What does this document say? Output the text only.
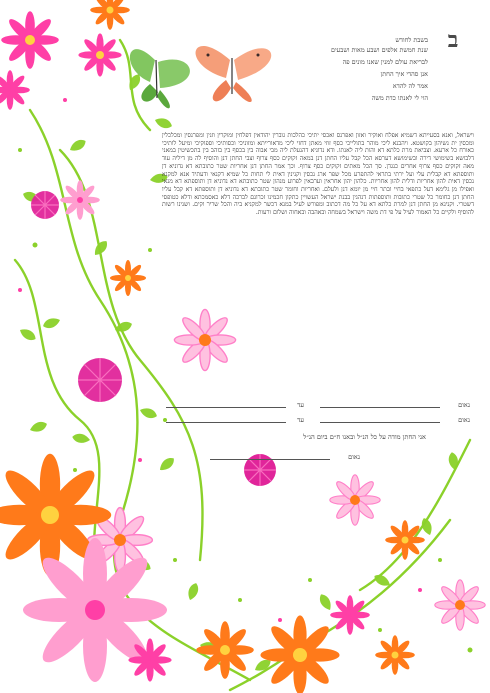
ב
בשבת לחודש
שנת חמשת אלפים ושבע מאות ושבעים
לבריאת עולם למנין שאנו מונים פה
אנן סהדי איך החתן
אמר לה להדא
הוי לי לאנתו כדת משה
וישראל, ואנא בסעייתא דשמיא אפלח ואוקיר ואזון ואפרנס ואכסי יתיכי כהלכות גוברין יהודאין דפלחין ומוקרין וזנין ומפרנסין ומכלכלין ומכסין ית נשיהון בקושטא. ויהבנא ליכי מוהר בתולייכי כסף זוזי מאתן דחזי ליכי מדאורייתא ומזוניכי וכסותיכי וספוקיכי ומיעל לותיכי כאורח כל ארעא. וצביאת מרת כלתא דא והות ליה לאנתו. ודא נדוניא דהנעלת ליה מבי אבוה בין בכסף בין בזהב בין בתכשיטין במאני דלבושא בשימושי דירה ובשימושא דערסא הכל קבל עליו החתן דנן במאה זקוקים כסף צרוף וצבי החתן דנן והוסיף לה מן דיליה עוד מאה זקוקים כסף צרוף אחרים כנגדן. סך הכל מאתים זקוקים כסף צרוף. וכך אמר החתן דנן אחריות שטר כתובתא דא נדוניא דן ותוספתא דא קבלית עלי ועל ירתי בתראי להתפרע מכל שפר ארג נכסין וקנינין דאית לי תחות כל שמיא דקנאי ודעתיד אנא למקנא נכסין דאית להון אחריות ודלית להון אחריות. כלהון יהון אחראין וערבאין לפרוע מנהון שטר כתובתא דא נדוניא דן ותוספתא דא מנאי ואפילו מן גלימא דעל כתפאי בחיי ובתר חיי מן יומא דנן ולעלם. ואחריות וחומר שטר כתובתא דא נדוניא דן ותוספתא דא קבל עליו החתן דנן כחומר כל שטרי כתובות ותוספתות דנהגין בבנת ישראל העשויין כתקון חכמינו זכרונם לברכה דלא כאסמכתא ודלא כטופסי דשטרי. וקנינא מן החתן דנן למרת כלתא דא על כל מה דכתוב ומפורש לעיל במנא דכשר למקניא ביה והכל שריר וקים. ושנינו רשות להוסיף ולקיים כל האמור לעיל על פי דת משה וישראל בשמחה ובאהבה ובאחוה ושלום ורעות.
נאום
עד
נאום
עד
אני החתן מודה על כל הנ״ל ובאנו ח״ם ביום הנ״ל
נאום
